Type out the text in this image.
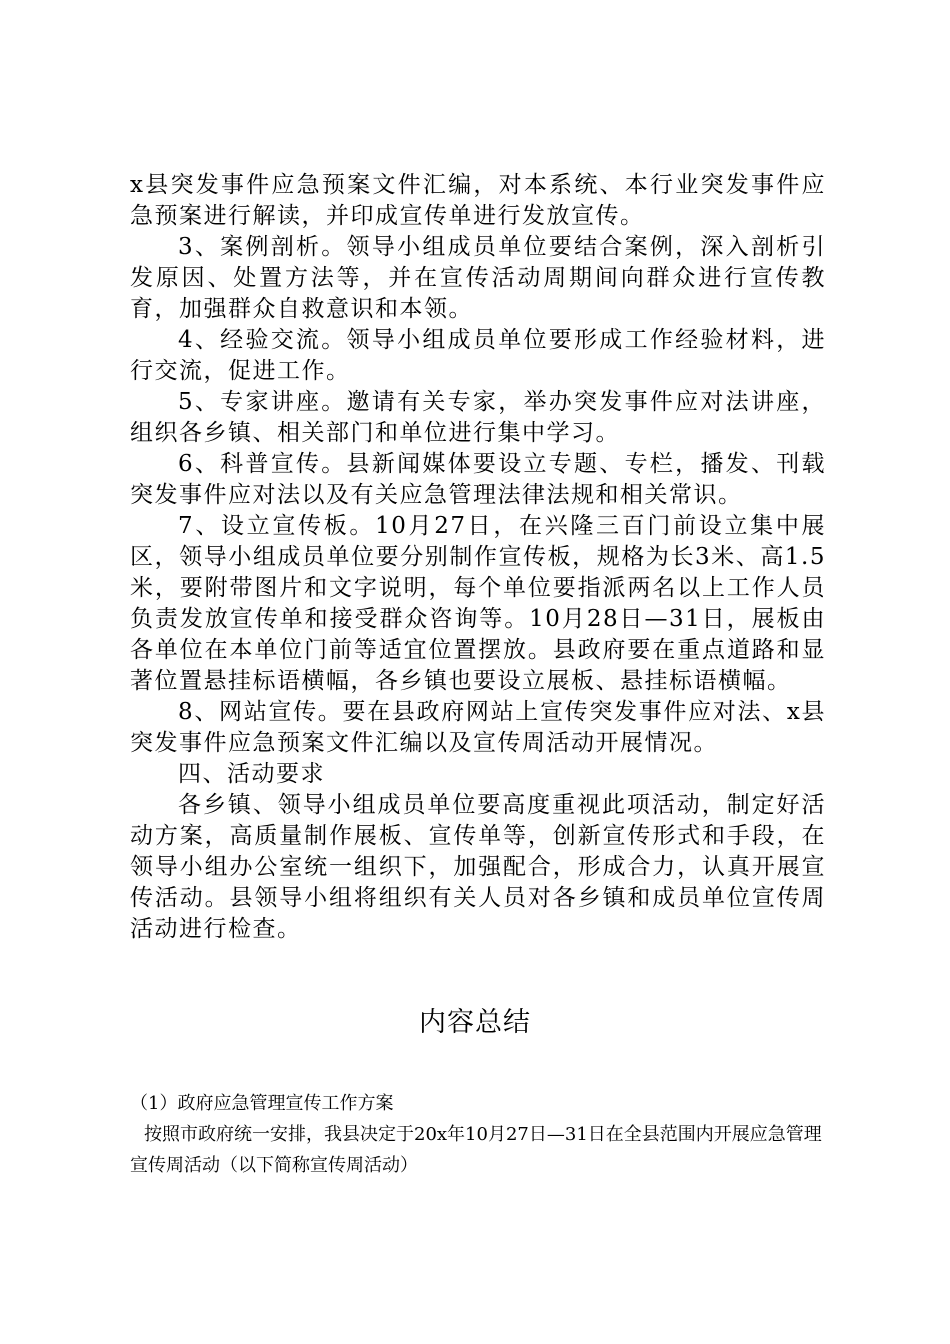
x县突发事件应急预案文件汇编，对本系统、本行业突发事件应急预案进行解读，并印成宣传单进行发放宣传。

3、案例剖析。领导小组成员单位要结合案例，深入剖析引发原因、处置方法等，并在宣传活动周期间向群众进行宣传教育，加强群众自救意识和本领。

4、经验交流。领导小组成员单位要形成工作经验材料，进行交流，促进工作。

5、专家讲座。邀请有关专家，举办突发事件应对法讲座，组织各乡镇、相关部门和单位进行集中学习。

6、科普宣传。县新闻媒体要设立专题、专栏，播发、刊载突发事件应对法以及有关应急管理法律法规和相关常识。

7、设立宣传板。10月27日，在兴隆三百门前设立集中展区，领导小组成员单位要分别制作宣传板，规格为长3米、高1.5米，要附带图片和文字说明，每个单位要指派两名以上工作人员负责发放宣传单和接受群众咨询等。10月28日—31日，展板由各单位在本单位门前等适宜位置摆放。县政府要在重点道路和显著位置悬挂标语横幅，各乡镇也要设立展板、悬挂标语横幅。

8、网站宣传。要在县政府网站上宣传突发事件应对法、x县突发事件应急预案文件汇编以及宣传周活动开展情况。

四、活动要求

各乡镇、领导小组成员单位要高度重视此项活动，制定好活动方案，高质量制作展板、宣传单等，创新宣传形式和手段，在领导小组办公室统一组织下，加强配合，形成合力，认真开展宣传活动。县领导小组将组织有关人员对各乡镇和成员单位宣传周活动进行检查。

内容总结

（1）政府应急管理宣传工作方案

按照市政府统一安排，我县决定于20x年10月27日—31日在全县范围内开展应急管理宣传周活动（以下简称宣传周活动）
